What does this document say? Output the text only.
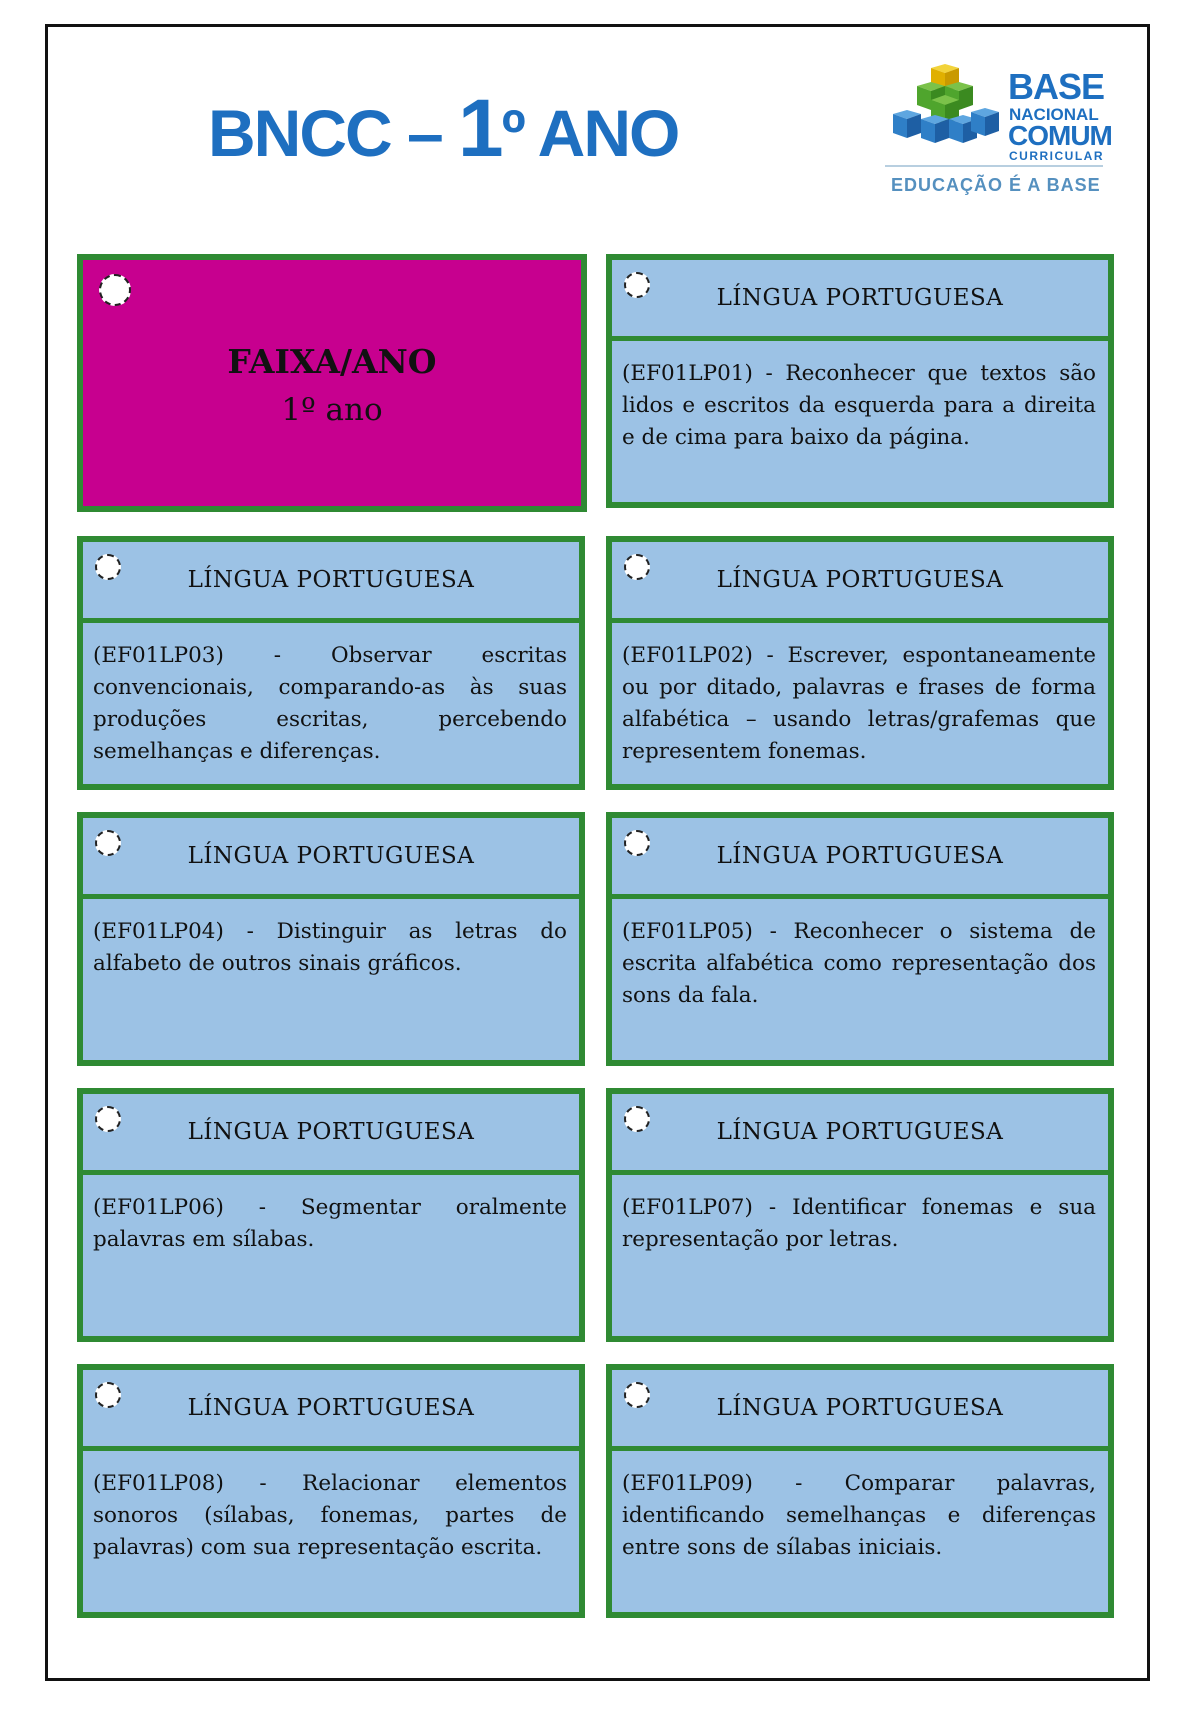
BNCC – 1º ANO
BASE
NACIONAL
COMUM
CURRICULAR
EDUCAÇÃO É A BASE
FAIXA/ANO
1º ano
LÍNGUA PORTUGUESA
(EF01LP01) - Reconhecer que textos são lidos e escritos da esquerda para a direita e de cima para baixo da página.
LÍNGUA PORTUGUESA
(EF01LP03) - Observar escritas convencionais, comparando-as às suas produções escritas, percebendo semelhanças e diferenças.
LÍNGUA PORTUGUESA
(EF01LP02) - Escrever, espontaneamente ou por ditado, palavras e frases de forma alfabética – usando letras/grafemas que representem fonemas.
LÍNGUA PORTUGUESA
(EF01LP04) - Distinguir as letras do alfabeto de outros sinais gráficos.
LÍNGUA PORTUGUESA
(EF01LP05) - Reconhecer o sistema de escrita alfabética como representação dos sons da fala.
LÍNGUA PORTUGUESA
(EF01LP06) - Segmentar oralmente palavras em sílabas.
LÍNGUA PORTUGUESA
(EF01LP07) - Identificar fonemas e sua representação por letras.
LÍNGUA PORTUGUESA
(EF01LP08) - Relacionar elementos sonoros (sílabas, fonemas, partes de palavras) com sua representação escrita.
LÍNGUA PORTUGUESA
(EF01LP09) - Comparar palavras, identificando semelhanças e diferenças entre sons de sílabas iniciais.
